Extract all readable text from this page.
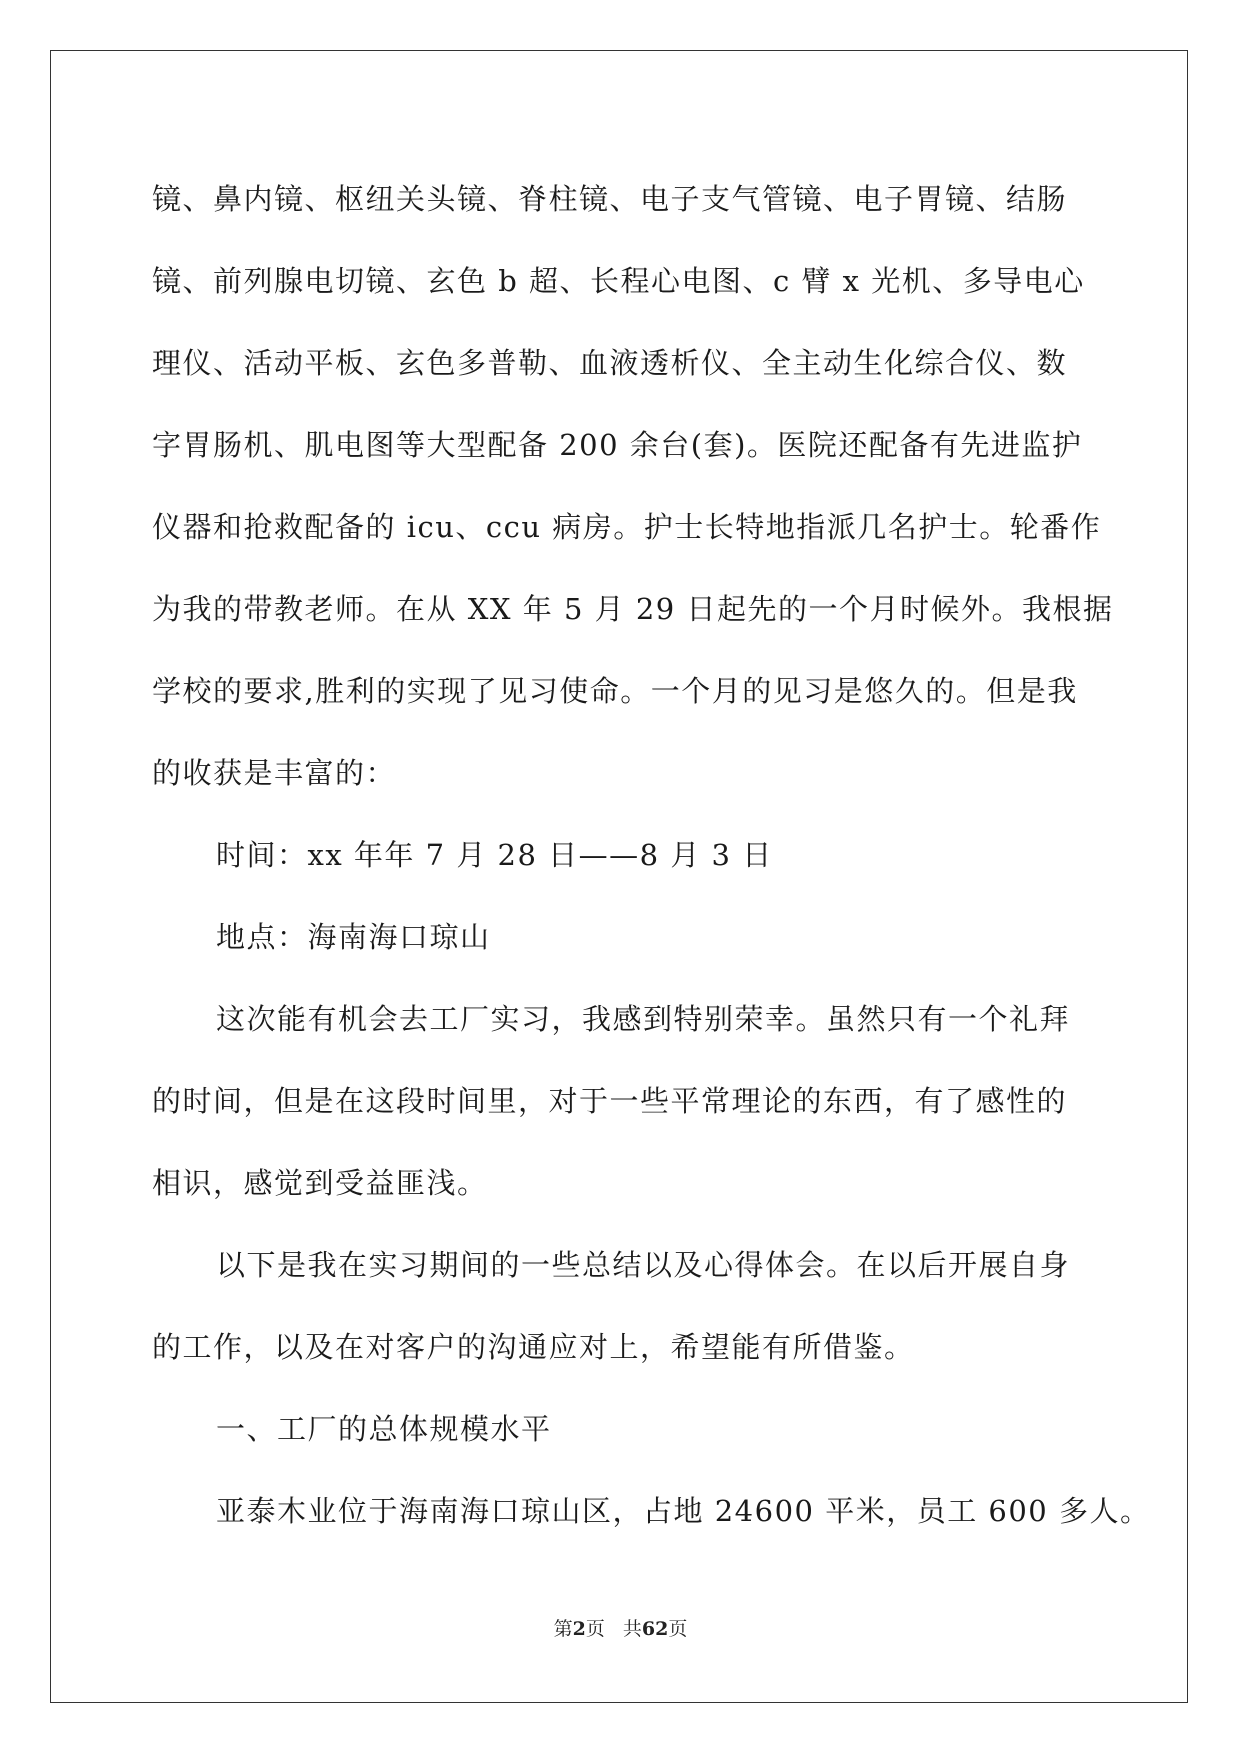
镜、鼻内镜、枢纽关头镜、脊柱镜、电子支气管镜、电子胃镜、结肠
镜、前列腺电切镜、玄色 b 超、长程心电图、c 臂 x 光机、多导电心
理仪、活动平板、玄色多普勒、血液透析仪、全主动生化综合仪、数
字胃肠机、肌电图等大型配备 200 余台(套)。医院还配备有先进监护
仪器和抢救配备的 icu、ccu 病房。护士长特地指派几名护士。轮番作
为我的带教老师。在从 XX 年 5 月 29 日起先的一个月时候外。我根据
学校的要求,胜利的实现了见习使命。一个月的见习是悠久的。但是我
的收获是丰富的：
时间：xx 年年 7 月 28 日——8 月 3 日
地点：海南海口琼山
这次能有机会去工厂实习，我感到特别荣幸。虽然只有一个礼拜
的时间，但是在这段时间里，对于一些平常理论的东西，有了感性的
相识，感觉到受益匪浅。
以下是我在实习期间的一些总结以及心得体会。在以后开展自身
的工作，以及在对客户的沟通应对上，希望能有所借鉴。
一、工厂的总体规模水平
亚泰木业位于海南海口琼山区，占地 24600 平米，员工 600 多人。
第2页 共62页
